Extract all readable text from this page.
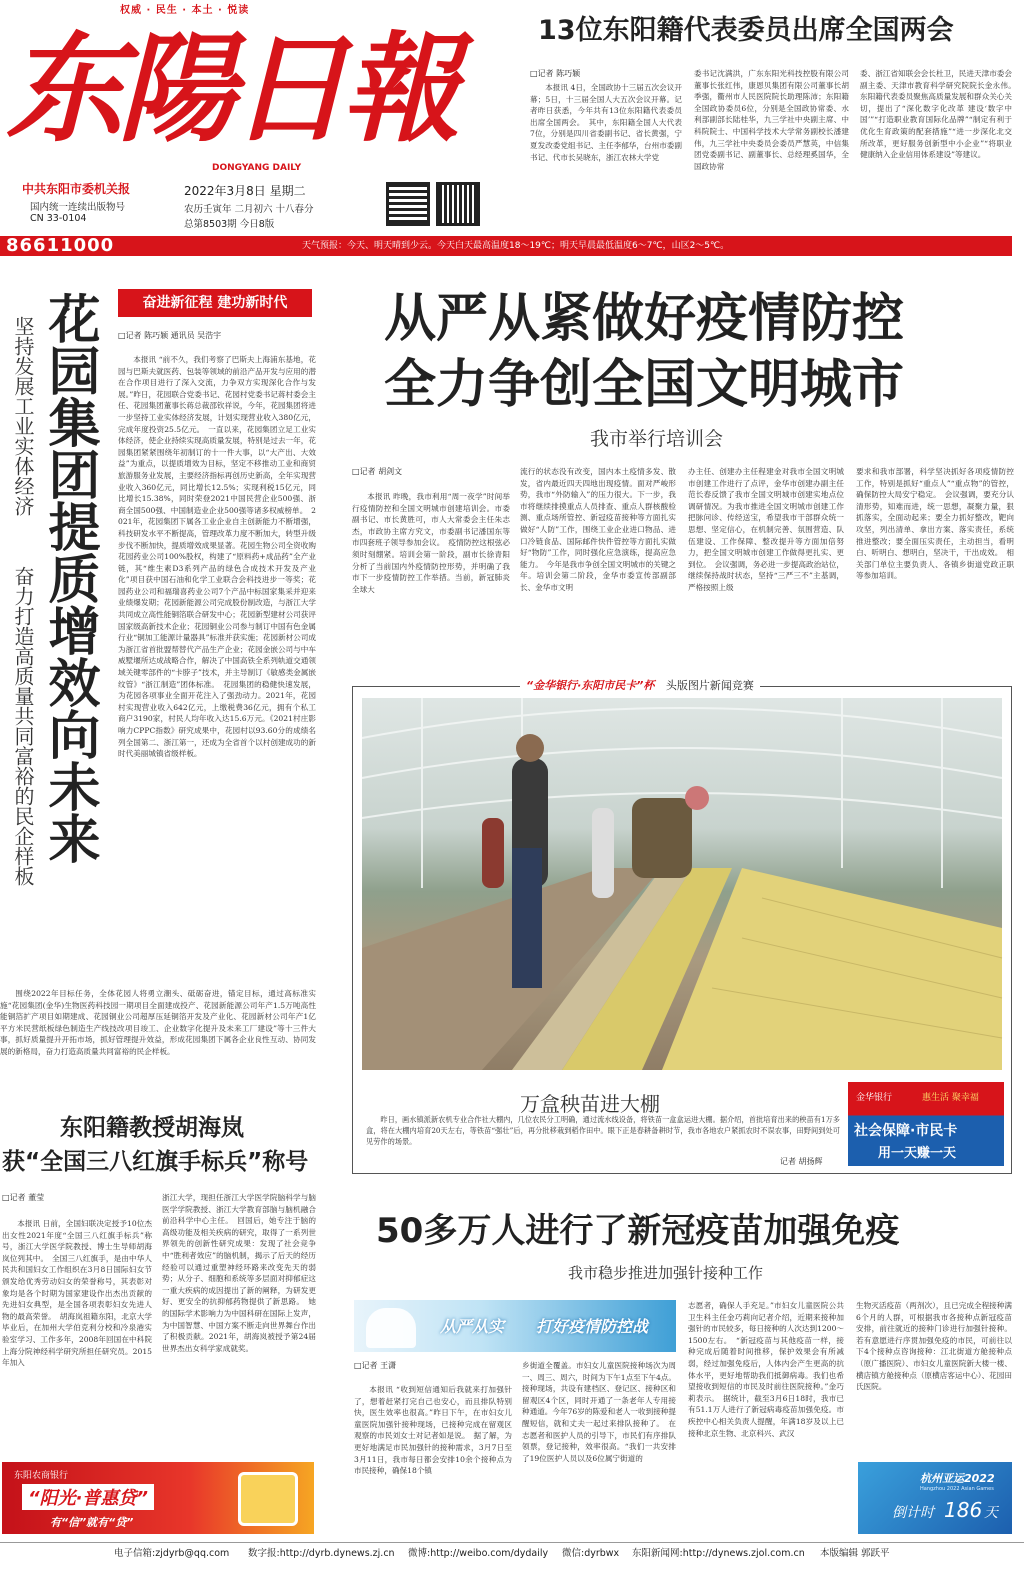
权威 · 民生 · 本土 · 悦读
东陽日報
DONGYANG DAILY
中共东阳市委机关报
国内统一连续出版物号
CN 33-0104
2022年3月8日 星期二
农历壬寅年 二月初六 十八春分
总第8503期 今日8版
86611000	天气预报：今天、明天晴到少云。今天白天最高温度18～19℃；明天早晨最低温度6～7℃，山区2～5℃。
13位东阳籍代表委员出席全国两会
□记者 陈巧颖

本报讯 4日，全国政协十三届五次会议开幕；5日，十三届全国人大五次会议开幕。记者昨日获悉，今年共有13位东阳籍代表委员出席全国两会。　其中，东阳籍全国人大代表7位，分别是四川省委副书记、省长黄强，宁夏发改委党组书记、主任李郁华，台州市委副书记、代市长吴晓东，浙江农林大学党

委书记沈满洪，广东东阳光科技控股有限公司董事长张红伟，康恩贝集团有限公司董事长胡季强，衢州市人民医院院长助理陈沛；东阳籍全国政协委员6位，分别是全国政协常委、水利部副部长陆桂华，九三学社中央副主席、中科院院士、中国科学技术大学常务副校长潘建伟，九三学社中央委员会委员严慧英，中信集团党委副书记、副董事长、总经理奚国华，全国政协常

委、浙江省知联会会长杜卫，民进天津市委会副主委、天津市教育科学研究院院长金永伟。　东阳籍代表委员聚焦高质量发展和群众关心关切，提出了“深化数字化改革 建设‘数字中国’”“打造职业教育国际化品牌”“制定有利于优化生育政策的配套措施”“进一步深化北交所改革，更好服务创新型中小企业”“将职业健康纳入企业信用体系建设”等建议。

奋进新征程 建功新时代
坚持发展工业实体经济
奋力打造高质量共同富裕的民企样板 花园集团提质增效向未来 □记者 陈巧颖 通讯员 吴浩宇

本报讯 “前不久，我们考察了巴斯夫上海浦东基地，花园与巴斯夫就医药、包装等领域的前沿产品开发与应用的潜在合作项目进行了深入交流，力争双方实现深化合作与发展。”昨日，花园联合党委书记、花园村党委书记蒋村委会主任、花园集团董事长蒋总裁邵钦祥说，今年，花园集团将进一步坚持工业实体经济发展，计划实现营业收入380亿元，完成年度投资25.5亿元。　一直以来，花园集团立足工业实体经济，使企业持续实现高质量发展，特别是过去一年，花园集团紧紧围绕年初制订的十一件大事，以“大产出、大效益”为重点，以提质增效为目标，坚定不移推动工业和商贸旅游服务业发展，主要经济指标再创历史新高，全年实现营业收入360亿元，同比增长12.5%；实现利税15亿元，同比增长15.38%，同时荣登2021中国民营企业500强、浙商全国500强、中国制造业企业500强等诸多权威榜单。　2021年，花园集团下属各工业企业自主创新能力不断增强，科技研发水平不断提高，管理改革力度不断加大，转型升级步伐不断加快，提质增效成果显著。花园生物公司全资收购花园药业公司100%股权，构建了“原料药+成品药”全产业链，其“维生素D3系列产品的绿色合成技术开发及产业化”项目获中国石油和化学工业联合会科技进步一等奖；花园药业公司和福瑞喜药业公司7个产品中标国家集采并迎来业绩爆发期；花园新能源公司完成股份制改造，与浙江大学共同成立高性能铜箔联合研发中心；花园新型建材公司获评国家级高新技术企业；花园铜业公司参与制订中国有色金属行业“铜加工能源计量器具”标准并获实施；花园新材公司成为浙江省首批盟帮替代产品生产企业；花园金嵌公司与中车威墅堰所达成战略合作，解决了中国高铁全系列轨道交通领域关键零部件的“卡脖子”技术，并主导制订《敏感类金属嵌纹管》“浙江制造”团体标准。　花园集团的稳健快速发展，为花园各项事业全面开花注入了强劲动力。2021年，花园村实现营业收入642亿元，上缴税费36亿元，拥有个私工商户3190家，村民人均年收入达15.6万元。《2021村庄影响力CPPC指数》研究成果中，花园村以93.60分的成绩名列全国第二、浙江第一，还成为全省首个以村创建成功的新时代美丽城镇省级样板。

围绕2022年目标任务，全体花园人将勇立潮头、砥砺奋进，锚定目标，通过高标准实施“花园集团(金华)生物医药科技园一期项目全面建成投产、花园新能源公司年产1.5万吨高性能铜箔扩产项目如期建成、花园铜业公司超厚压延铜箔开发及产业化、花园新材公司年产1亿平方米民营纸板绿色制造生产线技改项目竣工、企业数字化提升及未来工厂建设”等十三件大事，抓好质量提升开拓市场，抓好管理提升效益，形成花园集团下属各企业良性互动、协同发展的新格局，奋力打造高质量共同富裕的民企样板。

从严从紧做好疫情防控
全力争创全国文明城市
我市举行培训会
□记者 胡剑文

本报讯 昨晚，我市利用“周一夜学”时间举行疫情防控和全国文明城市创建培训会。市委副书记、市长黄胜可，市人大常委会主任朱志杰，市政协主席方究文，市委副书记潘国东等市四套班子领导参加会议。　疫情防控这根弦必须时刻绷紧。培训会第一阶段，副市长徐青阳分析了当前国内外疫情防控形势，并明确了我市下一步疫情防控工作举措。当前，新冠肺炎全球大

流行的状态没有改变，国内本土疫情多发、散发，省内最近四天四地出现疫情。面对严峻形势，我市“外防输入”的压力很大。下一步，我市将继续排摸重点人员排查、重点人群核酸检测、重点场所管控、新冠疫苗接种等方面扎实做好“人防”工作，围绕工业企业进口物品、进口冷链食品、国际邮件快件管控等方面扎实做好“物防”工作，同时强化应急演练，提高应急能力。　今年是我市争创全国文明城市的关键之年。培训会第二阶段，金华市委宣传部副部长、金华市文明

办主任、创建办主任程建金对我市全国文明城市创建工作进行了点评，金华市创建办副主任范长春反馈了我市全国文明城市创建实地点位调研情况。为我市推进全国文明城市创建工作把脉问诊、传经送宝，希望我市干部群众统一思想、坚定信心，在机制完善、氛围营造、队伍建设、工作保障、整改提升等方面加倍努力，把全国文明城市创建工作做得更扎实、更到位。　会议强调，务必进一步提高政治站位，继续保持战时状态，坚持“三严三不”主基调，严格按照上级

要求和我市部署，科学坚决抓好各项疫情防控工作，特别是抓好“重点人”“重点物”的管控，确保防控大局安宁稳定。　会议强调，要充分认清形势，知难而进，统一思想，凝聚力量，狠抓落实，全面动起来；要全力抓好整改，靶向攻坚，列出清单、拿出方案、落实责任，系统推进整改；要全面压实责任，主动担当，看明白、听明白、想明白，坚决干，干出成效。　相关部门单位主要负责人、各镇乡街道党政正职等参加培训。

“金华银行·东阳市民卡”杯 头版图片新闻竞赛
万盒秧苗进大棚

昨日，画水镇派新农机专业合作社大棚内，几位农民分工明确，通过流水线设备，将铁苗一盒盒运进大棚。据介绍，首批培育出来的秧苗有1万多盒，将在大棚内培育20天左右，等铁苗“强壮”后，再分批移栽到稻作田中。眼下正是春耕备耕时节，我市各地农户紧抓农时不误农事，田野间到处可见劳作的场景。

记者 胡扬辉
金华银行	惠生活 聚幸福
社会保障·市民卡
用一天赚一天
东阳籍教授胡海岚
获“全国三八红旗手标兵”称号
□记者 董莹

本报讯 日前，全国妇联决定授予10位杰出女性2021年度“全国三八红旗手标兵”称号，浙江大学医学院教授、博士生导师胡海岚位列其中。　全国三八红旗手，是由中华人民共和国妇女工作组织在3月8日国际妇女节颁发给优秀劳动妇女的荣誉称号，其表彰对象均是各个时期为国家建设作出杰出贡献的先进妇女典型，是全国各项表彰妇女先进人物的最高荣誉。　胡海岚祖籍东阳，北京大学毕业后，在加州大学伯克利分校和冷泉港实验室学习、工作多年，2008年回国在中科院上海分院神经科学研究所担任研究员。2015年加入

浙江大学，现担任浙江大学医学院脑科学与脑医学学院教授、浙江大学教育部脑与脑机融合前沿科学中心主任。　回国后，她专注于脑的高级功能及相关疾病的研究，取得了一系列世界领先的创新性研究成果：发现了社会竞争中“胜利者效应”的脑机制，揭示了后天的经历经验可以通过重塑神经环路来改变先天的弱势；从分子、细胞和系统等多层面对抑郁症这一重大疾病的成因提出了新的阐释，为研发更好、更安全的抗抑郁药物提供了新思路。　她的国际学术影响力为中国科研在国际上发声，为中国智慧、中国方案不断走向世界舞台作出了积极贡献。2021年，胡海岚被授予第24届世界杰出女科学家成就奖。

50多万人进行了新冠疫苗加强免疫
我市稳步推进加强针接种工作
从严从实 打好疫情防控战
□记者 王潇

本报讯 “收到短信通知后我就来打加强针了，想着赶紧打完自己也安心，而且排队特别快，医生效率也很高。”昨日下午，在市妇女儿童医院加强针接种现场，已接种完成在留观区观察的市民刘女士对记者如是说。　据了解，为更好地满足市民加强针的接种需求，3月7日至3月11日，我市每日都会安排10余个接种点为市民接种，确保18个镇

乡街道全覆盖。市妇女儿童医院接种场次为周一、周三、周六，时间为下午1点至下午4点。接种现场，共设有建档区、登记区、接种区和留观区4个区，同时开通了一条老年人专用接种通道。今年76岁的陈爱和老人一收到接种提醒短信，就和丈夫一起过来排队接种了。　在志愿者和医护人员的引导下，市民们有序排队领票，登记接种，效率很高。“我们一共安排了19位医护人员以及6位属宁街道的

志愿者，确保人手充足。”市妇女儿童医院公共卫生科主任金巧莉向记者介绍，近期来接种加强针的市民较多，每日接种的人次达到1200～1500左右。　“新冠疫苗与其他疫苗一样，接种完成后随着时间推移，保护效果会有所减弱，经过加强免疫后，人体内会产生更高的抗体水平，更好地帮助我们抵御病毒。我们也希望接收到短信的市民及时前往医院接种。”金巧莉表示。　据统计，截至3月6日18时，我市已有51.1万人进行了新冠病毒疫苗加强免疫。市疾控中心相关负责人提醒，年满18岁及以上已接种北京生物、北京科兴、武汉

生物灭活疫苗（两剂次），且已完成全程接种满6个月的人群，可根据我市各接种点新冠疫苗安排，前往就近的接种门诊进行加强针接种。若有意愿进行序贯加强免疫的市民，可前往以下4个接种点咨询接种：江北街道方舱接种点（原广播医院）、市妇女儿童医院新大楼一楼、横店镇方舱接种点（原横店客运中心）、花园田氏医院。

东阳农商银行
“阳光·普惠贷”
有“信”就有“贷”
杭州亚运2022
Hangzhou 2022 Asian Games
倒计时 186 天
电子信箱:zjdyrb@qq.com 数字报:http://dyrb.dynews.zj.cn 微博:http://weibo.com/dydaily 微信:dyrbwx 东阳新闻网:http://dynews.zjol.com.cn 本版编辑 郭跃平
